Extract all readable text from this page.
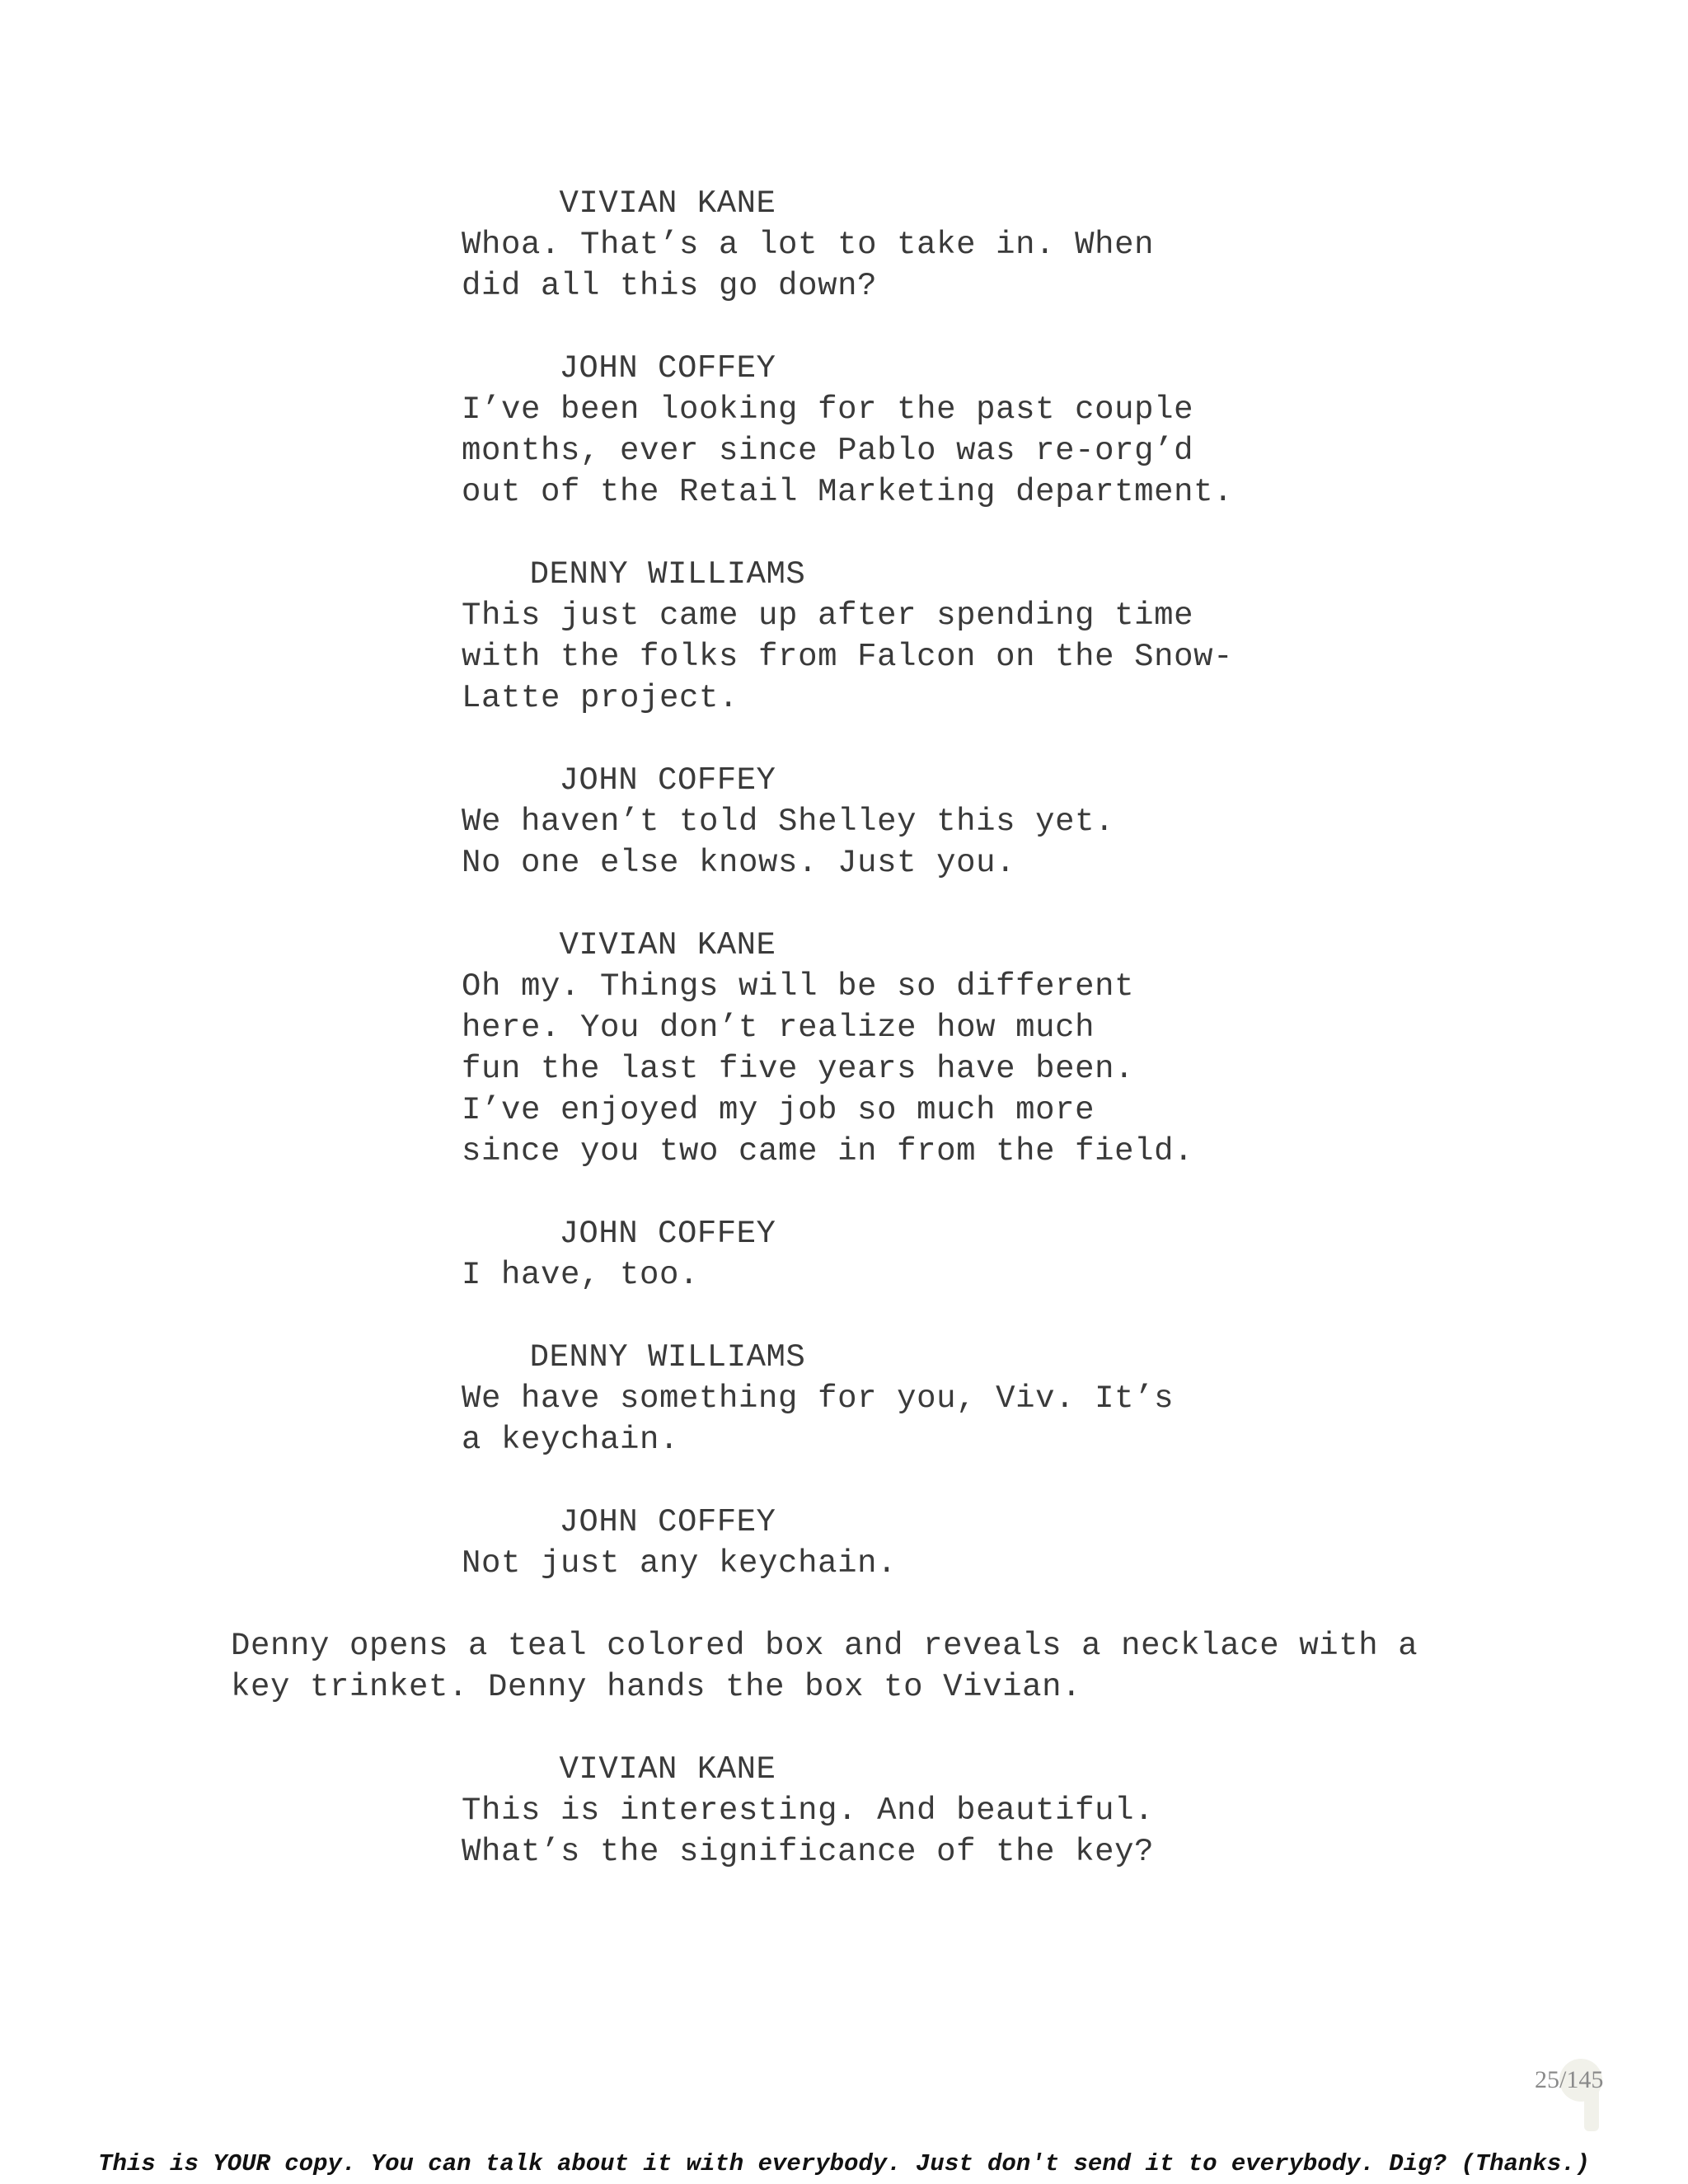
VIVIAN KANE
Whoa. That’s a lot to take in. When
did all this go down?
JOHN COFFEY
I’ve been looking for the past couple
months, ever since Pablo was re-org’d
out of the Retail Marketing department.
DENNY WILLIAMS
This just came up after spending time
with the folks from Falcon on the Snow-
Latte project.
JOHN COFFEY
We haven’t told Shelley this yet.
No one else knows. Just you.
VIVIAN KANE
Oh my. Things will be so different
here. You don’t realize how much
fun the last five years have been.
I’ve enjoyed my job so much more
since you two came in from the field.
JOHN COFFEY
I have, too.
DENNY WILLIAMS
We have something for you, Viv. It’s
a keychain.
JOHN COFFEY
Not just any keychain.
Denny opens a teal colored box and reveals a necklace with a
key trinket. Denny hands the box to Vivian.
VIVIAN KANE
This is interesting. And beautiful.
What’s the significance of the key?
25/145
This is YOUR copy. You can talk about it with everybody. Just don't send it to everybody. Dig? (Thanks.)
